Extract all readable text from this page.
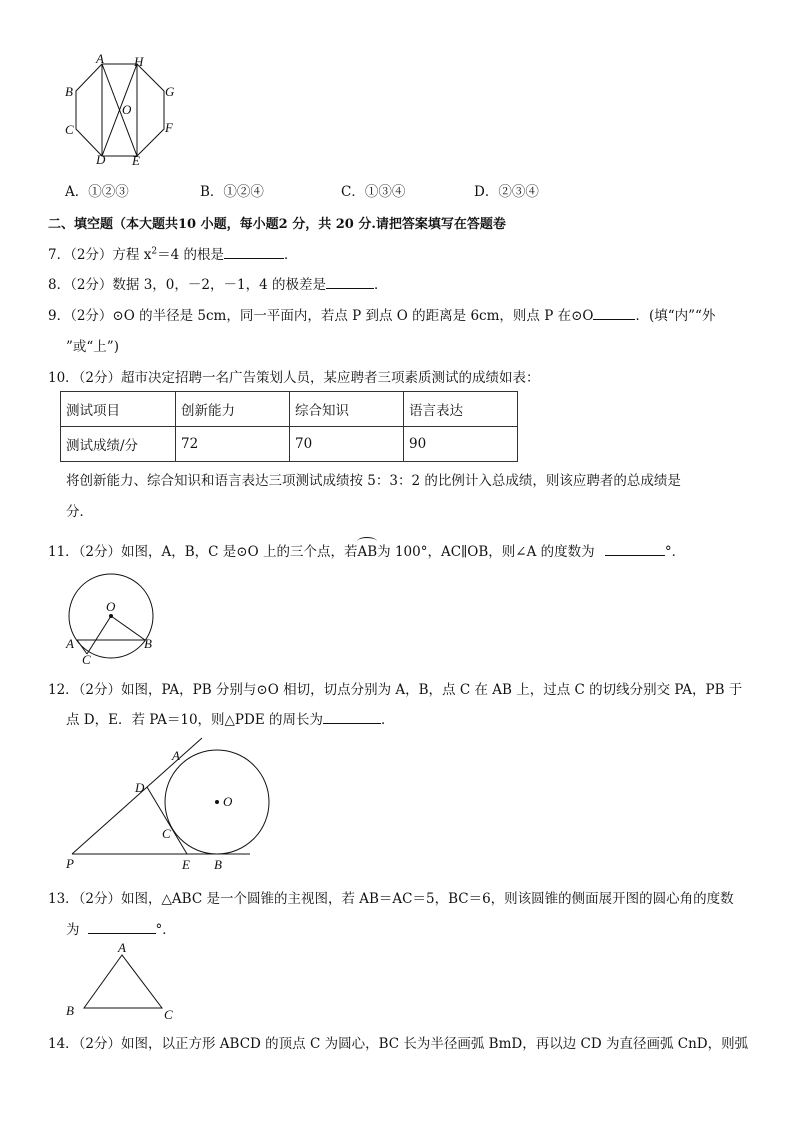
A H
B	G
O
C	F
D E
A．①②③	B．①②④	C．①③④	D．②③④
二、填空题（本大题共10 小题，每小题2 分，共 20 分.请把答案填写在答题卷
7．（2分）方程 $x^2=4$ 的根是	．
8．（2分）数据 3，0，－2，－1，4 的极差是	．
9．（2分）⊙O 的半径是 5cm，同一平面内，若点 P 到点 O 的距离是 6cm，则点 P 在⊙O	．(填“内”“外
”或“上”)
10．（2分）超市决定招聘一名广告策划人员，某应聘者三项素质测试的成绩如表：
测试项目	创新能力	综合知识	语言表达
测试成绩/分	72	70	90
将创新能力、综合知识和语言表达三项测试成绩按 5：3：2 的比例计入总成绩，则该应聘者的总成绩是
分．
11．（2分）如图，A，B，C 是⊙O 上的三个点，若
AB为 100°，AC∥OB，则∠A 的度数为	°．
O
A	B
C
12．（2分）如图，PA，PB 分别与⊙O 相切，切点分别为 A，B，点 C 在 AB 上，过点 C 的切线分别交 PA，PB 于
点 D，E．若 PA＝10，则△PDE 的周长为	．
A
D
O
C
P	E B
13．（2分）如图，△ABC 是一个圆锥的主视图，若 AB＝AC＝5，BC＝6，则该圆锥的侧面展开图的圆心角的度数
为	°．
A
B	C
14．（2分）如图，以正方形 ABCD 的顶点 C 为圆心，BC 长为半径画弧 BmD，再以边 CD 为直径画弧 CnD，则弧
